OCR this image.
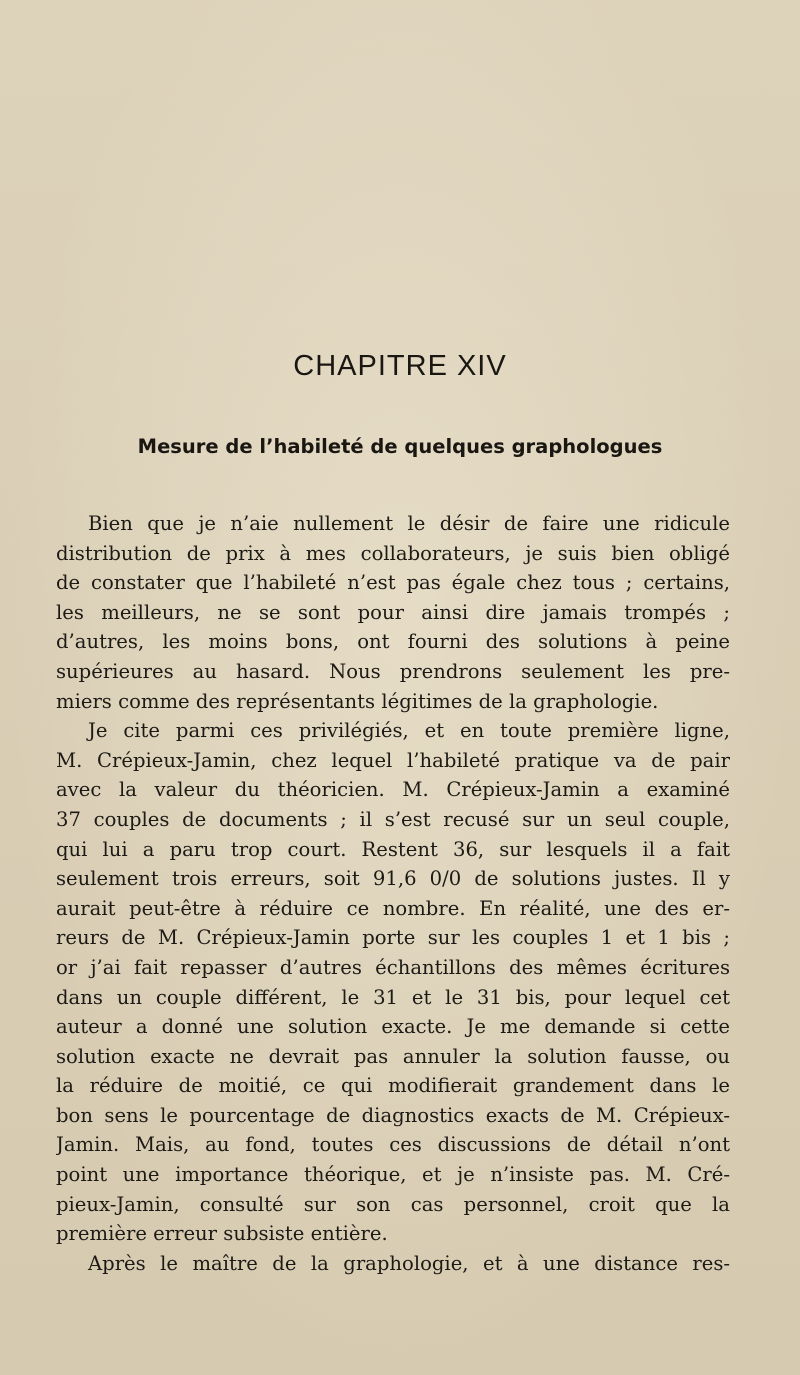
CHAPITRE XIV
Mesure de l’habileté de quelques graphologues
Bien que je n’aie nullement le désir de faire une ridicule
distribution de prix à mes collaborateurs, je suis bien obligé
de constater que l’habileté n’est pas égale chez tous ; certains,
les meilleurs, ne se sont pour ainsi dire jamais trompés ;
d’autres, les moins bons, ont fourni des solutions à peine
supérieures au hasard. Nous prendrons seulement les pre-
miers comme des représentants légitimes de la graphologie.
Je cite parmi ces privilégiés, et en toute première ligne,
M. Crépieux-Jamin, chez lequel l’habileté pratique va de pair
avec la valeur du théoricien. M. Crépieux-Jamin a examiné
37 couples de documents ; il s’est recusé sur un seul couple,
qui lui a paru trop court. Restent 36, sur lesquels il a fait
seulement trois erreurs, soit 91,6 0/0 de solutions justes. Il y
aurait peut-être à réduire ce nombre. En réalité, une des er-
reurs de M. Crépieux-Jamin porte sur les couples 1 et 1 bis ;
or j’ai fait repasser d’autres échantillons des mêmes écritures
dans un couple différent, le 31 et le 31 bis, pour lequel cet
auteur a donné une solution exacte. Je me demande si cette
solution exacte ne devrait pas annuler la solution fausse, ou
la réduire de moitié, ce qui modifierait grandement dans le
bon sens le pourcentage de diagnostics exacts de M. Crépieux-
Jamin. Mais, au fond, toutes ces discussions de détail n’ont
point une importance théorique, et je n’insiste pas. M. Cré-
pieux-Jamin, consulté sur son cas personnel, croit que la
première erreur subsiste entière.
Après le maître de la graphologie, et à une distance res-
